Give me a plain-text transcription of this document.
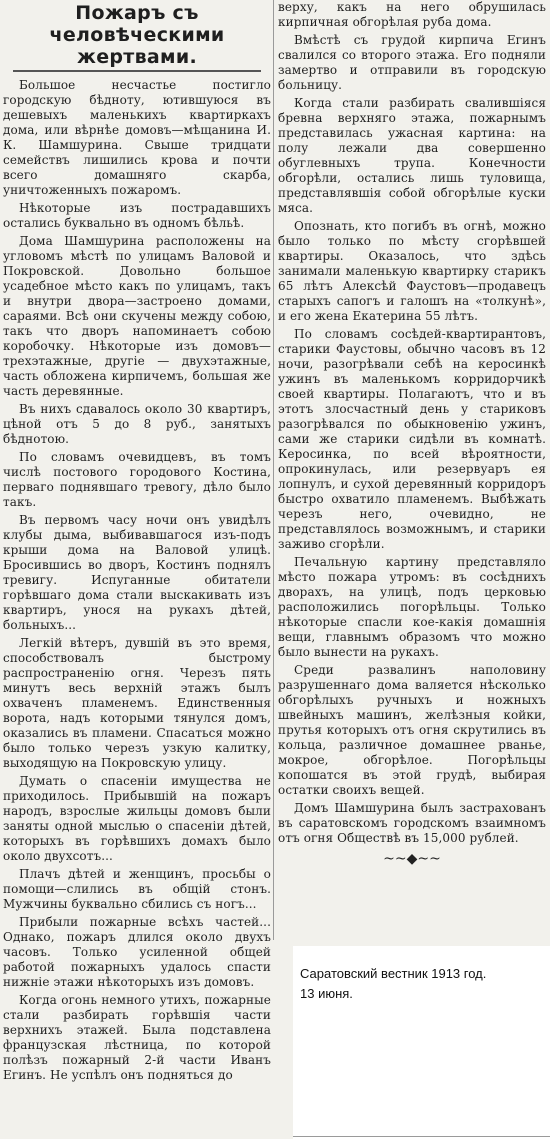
Пожаръ съ человѣческими жертвами.

Большое несчастье постигло городскую бѣдноту, ютившуюся въ дешевыхъ маленькихъ квартиркахъ дома, или вѣрнѣе домовъ—мѣщанина И. К. Шамшурина. Свыше тридцати семействъ лишились крова и почти всего домашняго скарба, уничтоженныхъ пожаромъ.

Нѣкоторые изъ пострадавшихъ остались буквально въ одномъ бѣльѣ.

Дома Шамшурина расположены на угловомъ мѣстѣ по улицамъ Валовой и Покровской. Довольно большое усадебное мѣсто какъ по улицамъ, такъ и внутри двора—застроено домами, сараями. Всѣ они скучены между собою, такъ что дворъ напоминаетъ собою коробочку. Нѣкоторые изъ домовъ—трехэтажные, другіе — двухэтажные, часть обложена кирпичемъ, большая же часть деревянные.

Въ нихъ сдавалось около 30 квартиръ, цѣной отъ 5 до 8 руб., занятыхъ бѣднотою.

По словамъ очевидцевъ, въ томъ числѣ постового городового Костина, перваго поднявшаго тревогу, дѣло было такъ.

Въ первомъ часу ночи онъ увидѣлъ клубы дыма, выбивавшагося изъ-подъ крыши дома на Валовой улицѣ. Бросившись во дворъ, Костинъ поднялъ тревигу. Испуганные обитатели горѣвшаго дома стали выскакивать изъ квартиръ, унося на рукахъ дѣтей, больныхъ...

Легкій вѣтеръ, дувшій въ это время, способствовалъ быстрому распространенію огня. Черезъ пять минутъ весь верхній этажъ былъ охваченъ пламенемъ. Единственныя ворота, надъ которыми тянулся домъ, оказались въ пламени. Спасаться можно было только черезъ узкую калитку, выходящую на Покровскую улицу.

Думать о спасеніи имущества не приходилось. Прибывшій на пожаръ народъ, взрослые жильцы домовъ были заняты одной мыслью о спасеніи дѣтей, которыхъ въ горѣвшихъ домахъ было около двухсотъ...

Плачъ дѣтей и женщинъ, просьбы о помощи—слились въ общій стонъ. Мужчины буквально сбились съ ногъ...

Прибыли пожарные всѣхъ частей... Однако, пожаръ длился около двухъ часовъ. Только усиленной общей работой пожарныхъ удалось спасти нижніе этажи нѣкоторыхъ изъ домовъ.

Когда огонь немного утихъ, пожарные стали разбирать горѣвшія части верхнихъ этажей. Была подставлена французская лѣстница, по которой полѣзъ пожарный 2-й части Иванъ Егинъ. Не успѣлъ онъ подняться до

верху, какъ на него обрушилась кирпичная обгорѣлая руба дома.

Вмѣстѣ съ грудой кирпича Егинъ свалился со второго этажа. Его подняли замертво и отправили въ городскую больницу.

Когда стали разбирать свалившіяся бревна верхняго этажа, пожарнымъ представилась ужасная картина: на полу лежали два совершенно обуглевныхъ трупа. Конечности обгорѣли, остались лишь туловища, представлявшія собой обгорѣлые куски мяса.

Опознать, кто погибъ въ огнѣ, можно было только по мѣсту сгорѣвшей квартиры. Оказалось, что здѣсь занимали маленькую квартирку старикъ 65 лѣтъ Алексѣй Фаустовъ—продавецъ старыхъ сапогъ и галошъ на «толкунѣ», и его жена Екатерина 55 лѣтъ.

По словамъ сосѣдей-квартирантовъ, старики Фаустовы, обычно часовъ въ 12 ночи, разогрѣвали себѣ на керосинкѣ ужинъ въ маленькомъ корридорчикѣ своей квартиры. Полагаютъ, что и въ этотъ злосчастный день у стариковъ разогрѣвался по обыкновенію ужинъ, сами же старики сидѣли въ комнатѣ. Керосинка, по всей вѣроятности, опрокинулась, или резервуаръ ея лопнулъ, и сухой деревянный корридоръ быстро охватило пламенемъ. Выбѣжать черезъ него, очевидно, не представлялось возможнымъ, и старики заживо сгорѣли.

Печальную картину представляло мѣсто пожара утромъ: въ сосѣднихъ дворахъ, на улицѣ, подъ церковью расположились погорѣльцы. Только нѣкоторые спасли кое-какія домашнія вещи, главнымъ образомъ что можно было вынести на рукахъ.

Среди развалинъ наполовину разрушеннаго дома валяется нѣсколько обгорѣлыхъ ручныхъ и ножныхъ швейныхъ машинъ, желѣзныя койки, прутья которыхъ отъ огня скрутились въ кольца, различное домашнее рванье, мокрое, обгорѣлое. Погорѣльцы копошатся въ этой грудѣ, выбирая остатки своихъ вещей.

Домъ Шамшурина былъ застрахованъ въ саратовскомъ городскомъ взаимномъ отъ огня Обществѣ въ 15,000 рублей.

~~◆~~
Саратовский вестник 1913 год.
13 июня.
